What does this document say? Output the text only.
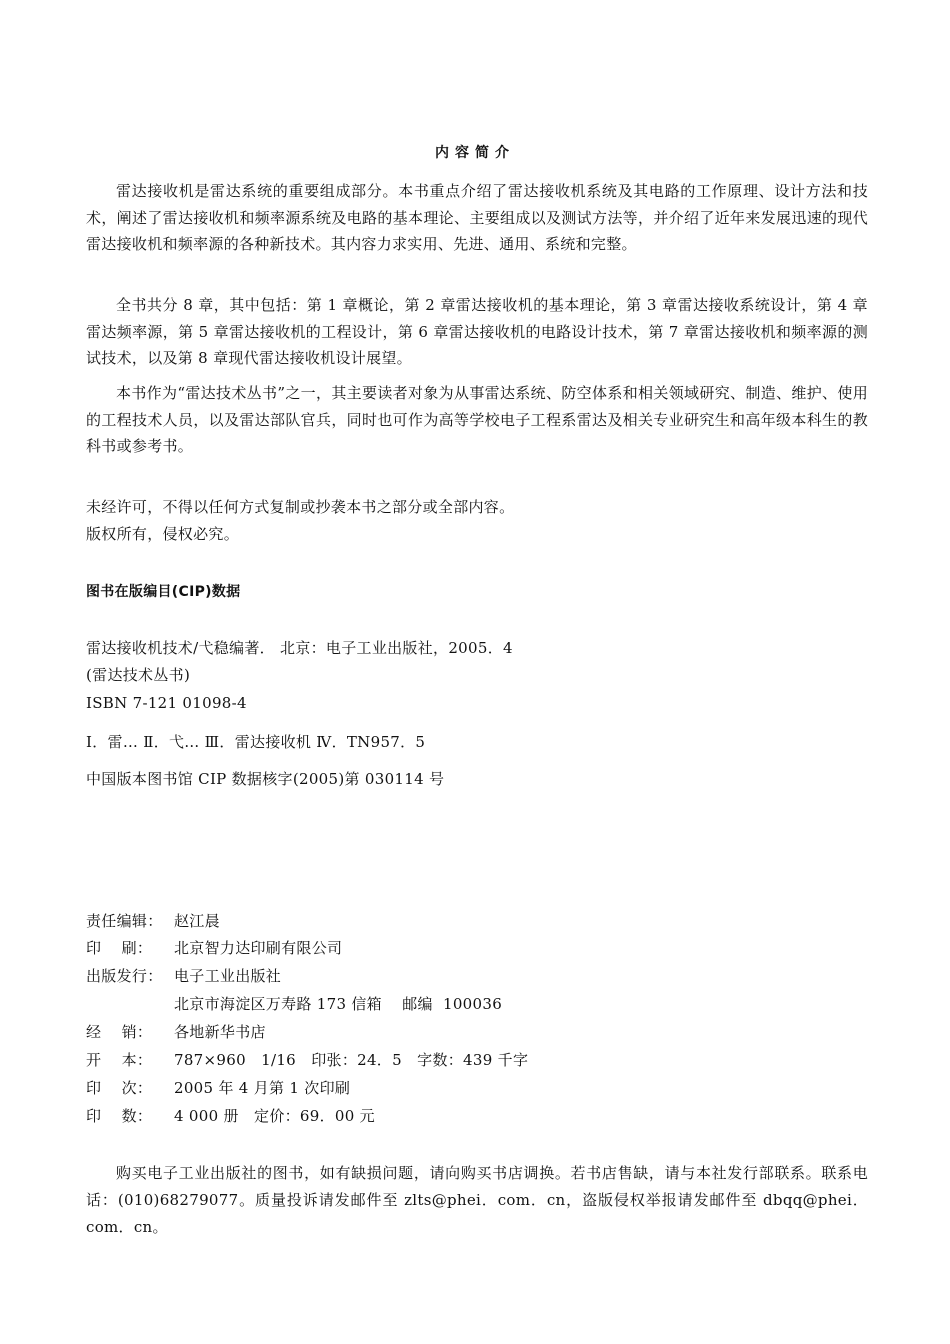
内容简介

雷达接收机是雷达系统的重要组成部分。本书重点介绍了雷达接收机系统及其电路的工作原理、设计方法和技术，阐述了雷达接收机和频率源系统及电路的基本理论、主要组成以及测试方法等，并介绍了近年来发展迅速的现代雷达接收机和频率源的各种新技术。其内容力求实用、先进、通用、系统和完整。

全书共分 8 章，其中包括：第 1 章概论，第 2 章雷达接收机的基本理论，第 3 章雷达接收系统设计，第 4 章雷达频率源，第 5 章雷达接收机的工程设计，第 6 章雷达接收机的电路设计技术，第 7 章雷达接收机和频率源的测试技术，以及第 8 章现代雷达接收机设计展望。

本书作为“雷达技术丛书”之一，其主要读者对象为从事雷达系统、防空体系和相关领域研究、制造、维护、使用的工程技术人员，以及雷达部队官兵，同时也可作为高等学校电子工程系雷达及相关专业研究生和高年级本科生的教科书或参考书。

未经许可，不得以任何方式复制或抄袭本书之部分或全部内容。
版权所有，侵权必究。
图书在版编目(CIP)数据
雷达接收机技术/弋稳编著． 北京：电子工业出版社，2005．4
(雷达技术丛书)
ISBN 7-121 01098-4
Ⅰ．雷… Ⅱ．弋… Ⅲ．雷达接收机 Ⅳ．TN957．5
中国版本图书馆 CIP 数据核字(2005)第 030114 号
责任编辑： 赵江晨
印    刷： 北京智力达印刷有限公司
出版发行： 电子工业出版社
北京市海淀区万寿路 173 信箱    邮编  100036
经    销： 各地新华书店
开    本： 787×960   1/16   印张：24．5   字数：439 千字
印    次： 2005 年 4 月第 1 次印刷
印    数： 4 000 册   定价：69．00 元

购买电子工业出版社的图书，如有缺损问题，请向购买书店调换。若书店售缺，请与本社发行部联系。联系电话：(010)68279077。质量投诉请发邮件至 zlts@phei．com．cn，盗版侵权举报请发邮件至 dbqq@phei．com．cn。
